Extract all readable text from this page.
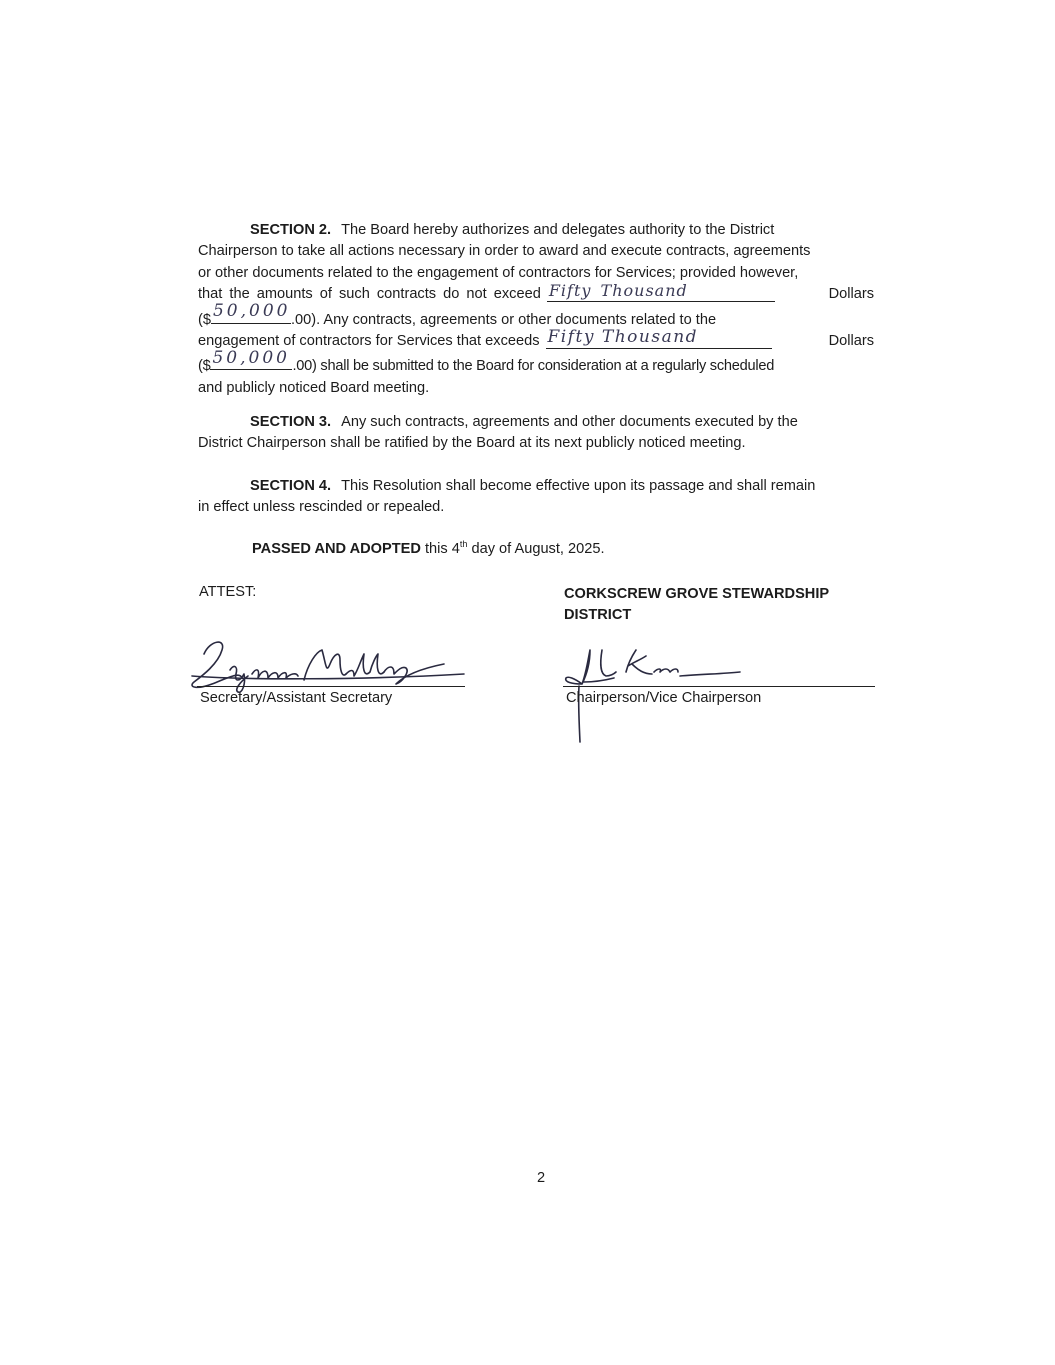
SECTION 2. The Board hereby authorizes and delegates authority to the District
Chairperson to take all actions necessary in order to award and execute contracts, agreements
or other documents related to the engagement of contractors for Services; provided however,
that the amounts of such contracts do not exceed Fifty Thousand	Dollars
($ 50,000 .00). Any contracts, agreements or other documents related to the
engagement of contractors for Services that exceeds Fifty Thousand	Dollars
($ 50,000 .00) shall be submitted to the Board for consideration at a regularly scheduled
and publicly noticed Board meeting.
SECTION 3. Any such contracts, agreements and other documents executed by the
District Chairperson shall be ratified by the Board at its next publicly noticed meeting.
SECTION 4. This Resolution shall become effective upon its passage and shall remain
in effect unless rescinded or repealed.
PASSED AND ADOPTED this 4th day of August, 2025.
ATTEST:	CORKSCREW GROVE STEWARDSHIP
DISTRICT
Secretary/Assistant Secretary	Chairperson/Vice Chairperson
2
